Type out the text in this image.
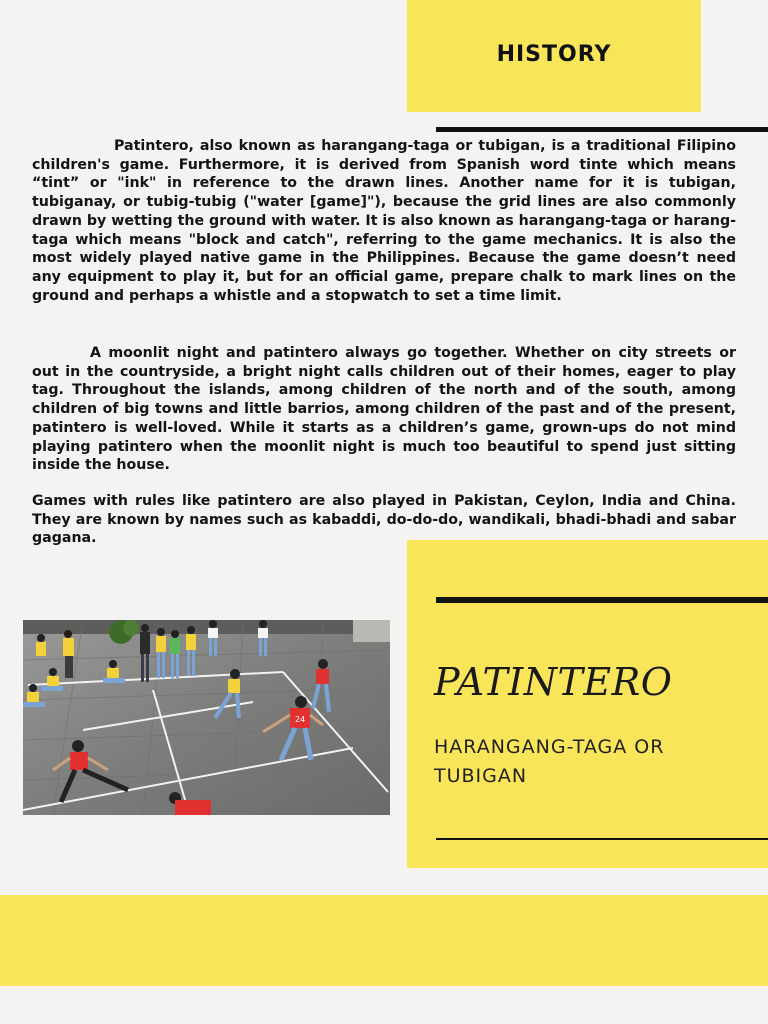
HISTORY

Patintero, also known as harangang-taga or tubigan, is a traditional Filipino children's game. Furthermore, it is derived from Spanish word tinte which means “tint” or "ink" in reference to the drawn lines. Another name for it is tubigan, tubiganay, or tubig-tubig ("water [game]"), because the grid lines are also commonly drawn by wetting the ground with water. It is also known as harangang-taga or harang-taga which means "block and catch", referring to the game mechanics. It is also the most widely played native game in the Philippines. Because the game doesn’t need any equipment to play it, but for an official game, prepare chalk to mark lines on the ground and perhaps a whistle and a stopwatch to set a time limit.

A moonlit night and patintero always go together. Whether on city streets or out in the countryside, a bright night calls children out of their homes, eager to play tag. Throughout the islands, among children of the north and of the south, among children of big towns and little barrios, among children of the past and of the present, patintero is well-loved. While it starts as a children’s game, grown-ups do not mind playing patintero when the moonlit night is much too beautiful to spend just sitting inside the house.

Games with rules like patintero are also played in Pakistan, Ceylon, India and China. They are known by names such as kabaddi, do-do-do, wandikali, bhadi-bhadi and sabar gagana.

PATINTERO
HARANGANG-TAGA OR TUBIGAN
24
